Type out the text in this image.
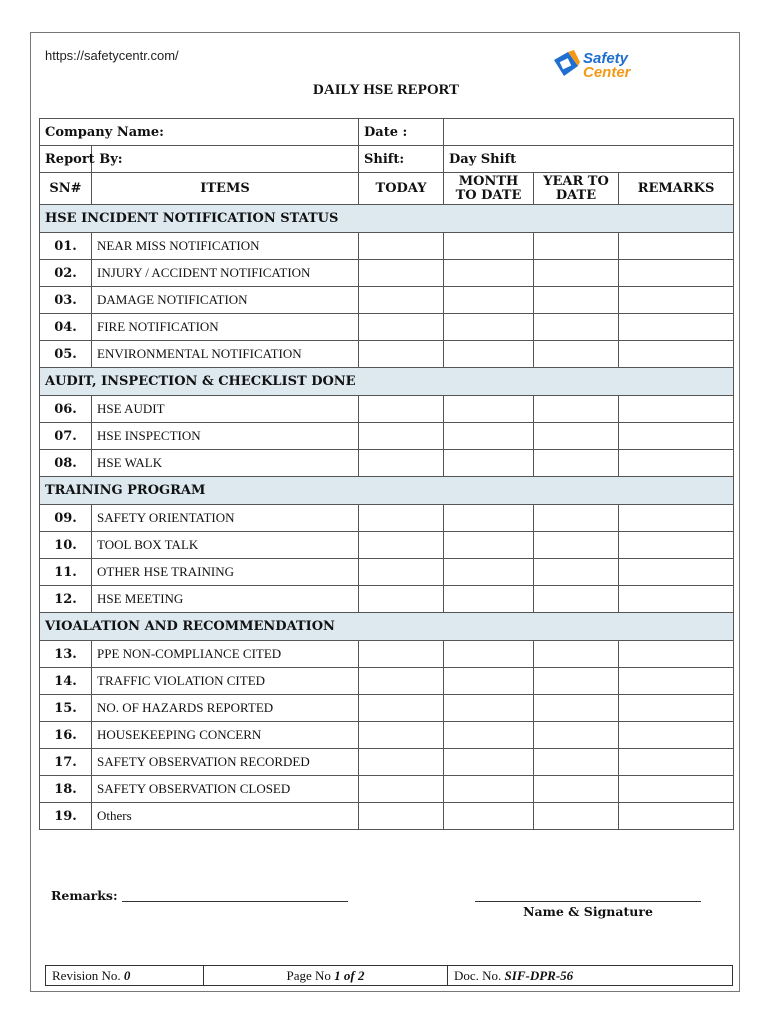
https://safetycentr.com/	Safety
Center
DAILY HSE REPORT
Company Name:		Date :			
Report By:		Shift:	Day Shift		
SN#	ITEMS	TODAY	MONTH TO DATE	YEAR TO DATE	REMARKS
HSE INCIDENT NOTIFICATION STATUS					
01.	NEAR MISS NOTIFICATION				
02.	INJURY / ACCIDENT NOTIFICATION				
03.	DAMAGE NOTIFICATION				
04.	FIRE NOTIFICATION				
05.	ENVIRONMENTAL NOTIFICATION				
AUDIT, INSPECTION & CHECKLIST DONE					
06.	HSE AUDIT				
07.	HSE INSPECTION				
08.	HSE WALK				
TRAINING PROGRAM					
09.	SAFETY ORIENTATION				
10.	TOOL BOX TALK				
11.	OTHER HSE TRAINING				
12.	HSE MEETING				
VIOALATION AND RECOMMENDATION					
13.	PPE NON-COMPLIANCE CITED				
14.	TRAFFIC VIOLATION CITED				
15.	NO. OF HAZARDS REPORTED				
16.	HOUSEKEEPING CONCERN				
17.	SAFETY OBSERVATION RECORDED				
18.	SAFETY OBSERVATION CLOSED				
19.	Others				
Remarks:
Name & Signature
Revision No. 0	Page No 1 of 2	Doc. No. SIF-DPR-56
